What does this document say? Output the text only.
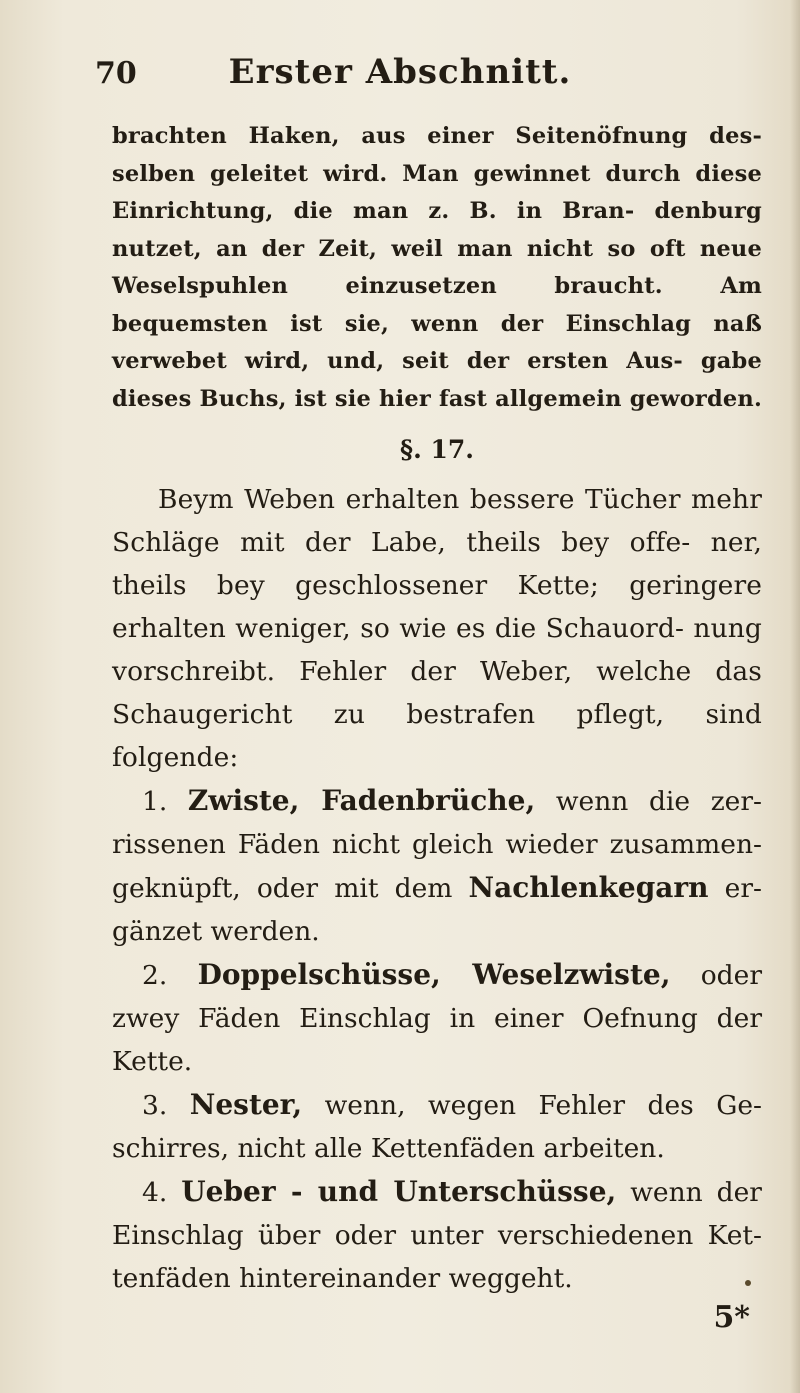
70	Erster Abschnitt.

brachten Haken, aus einer Seitenöfnung des- selben geleitet wird. Man gewinnet durch diese Einrichtung, die man z. B. in Bran- denburg nutzet, an der Zeit, weil man nicht so oft neue Weselspuhlen einzusetzen braucht. Am bequemsten ist sie, wenn der Einschlag naß verwebet wird, und, seit der ersten Aus- gabe dieses Buchs, ist sie hier fast allgemein geworden.

§. 17.

Beym Weben erhalten bessere Tücher mehr Schläge mit der Labe, theils bey offe- ner, theils bey geschlossener Kette; geringere erhalten weniger, so wie es die Schauord- nung vorschreibt. Fehler der Weber, welche das Schaugericht zu bestrafen pflegt, sind folgende:

1. Zwiste, Fadenbrüche, wenn die zer- rissenen Fäden nicht gleich wieder zusammen- geknüpft, oder mit dem Nachlenkegarn er- gänzet werden.

2. Doppelschüsse, Weselzwiste, oder zwey Fäden Einschlag in einer Oefnung der Kette.

3. Nester, wenn, wegen Fehler des Ge- schirres, nicht alle Kettenfäden arbeiten.

4. Ueber - und Unterschüsse, wenn der Einschlag über oder unter verschiedenen Ket- tenfäden hintereinander weggeht.

5*
